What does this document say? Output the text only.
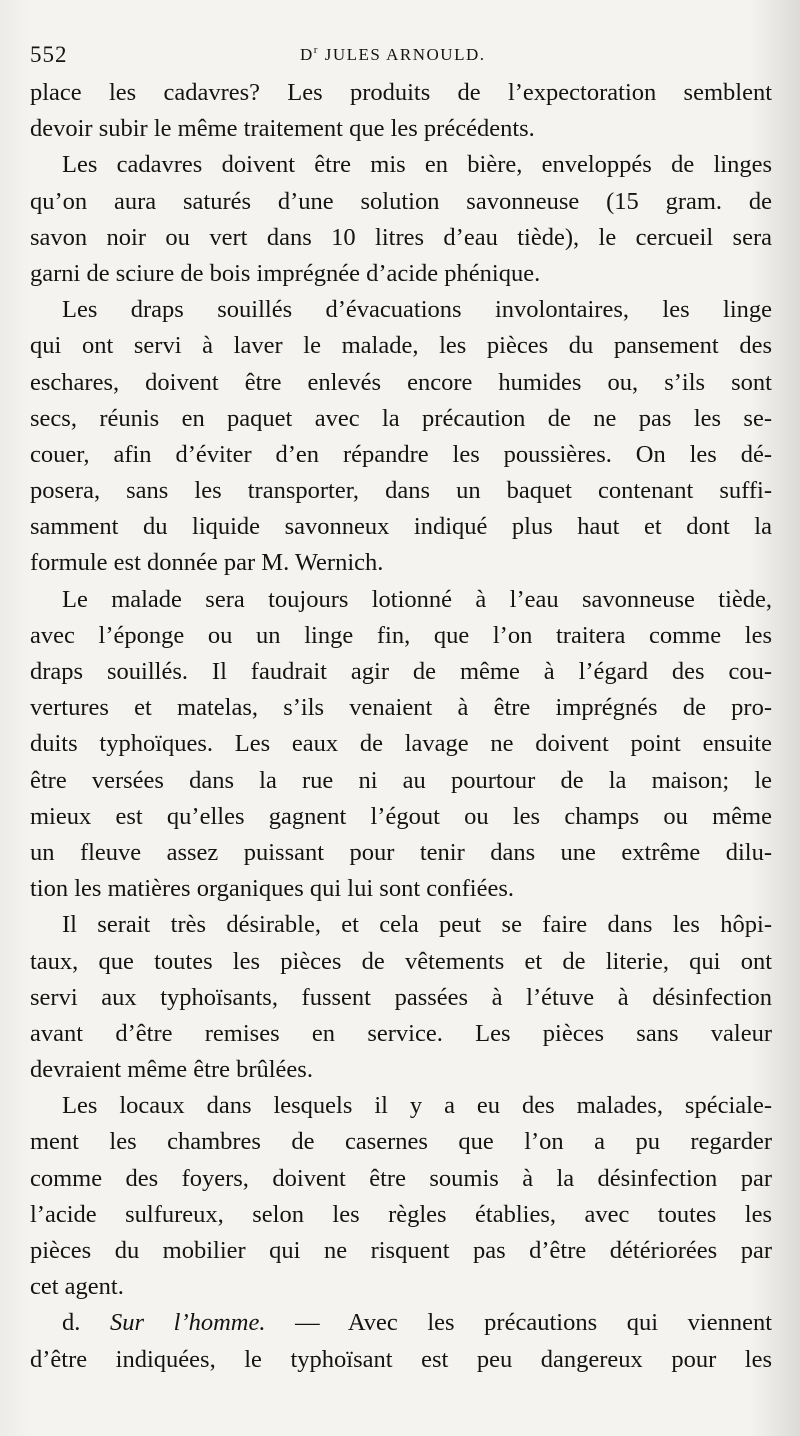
552	$D^r$ JULES ARNOULD.
place les cadavres? Les produits de l’expectoration semblent
devoir subir le même traitement que les précédents.
Les cadavres doivent être mis en bière, enveloppés de linges
qu’on aura saturés d’une solution savonneuse (15 gram. de
savon noir ou vert dans 10 litres d’eau tiède), le cercueil sera
garni de sciure de bois imprégnée d’acide phénique.
Les draps souillés d’évacuations involontaires, les linge
qui ont servi à laver le malade, les pièces du pansement des
eschares, doivent être enlevés encore humides ou, s’ils sont
secs, réunis en paquet avec la précaution de ne pas les se-
couer, afin d’éviter d’en répandre les poussières. On les dé-
posera, sans les transporter, dans un baquet contenant suffi-
samment du liquide savonneux indiqué plus haut et dont la
formule est donnée par M. Wernich.
Le malade sera toujours lotionné à l’eau savonneuse tiède,
avec l’éponge ou un linge fin, que l’on traitera comme les
draps souillés. Il faudrait agir de même à l’égard des cou-
vertures et matelas, s’ils venaient à être imprégnés de pro-
duits typhoïques. Les eaux de lavage ne doivent point ensuite
être versées dans la rue ni au pourtour de la maison; le
mieux est qu’elles gagnent l’égout ou les champs ou même
un fleuve assez puissant pour tenir dans une extrême dilu-
tion les matières organiques qui lui sont confiées.
Il serait très désirable, et cela peut se faire dans les hôpi-
taux, que toutes les pièces de vêtements et de literie, qui ont
servi aux typhoïsants, fussent passées à l’étuve à désinfection
avant d’être remises en service. Les pièces sans valeur
devraient même être brûlées.
Les locaux dans lesquels il y a eu des malades, spéciale-
ment les chambres de casernes que l’on a pu regarder
comme des foyers, doivent être soumis à la désinfection par
l’acide sulfureux, selon les règles établies, avec toutes les
pièces du mobilier qui ne risquent pas d’être détériorées par
cet agent.
d. Sur l’homme. — Avec les précautions qui viennent
d’être indiquées, le typhoïsant est peu dangereux pour les
